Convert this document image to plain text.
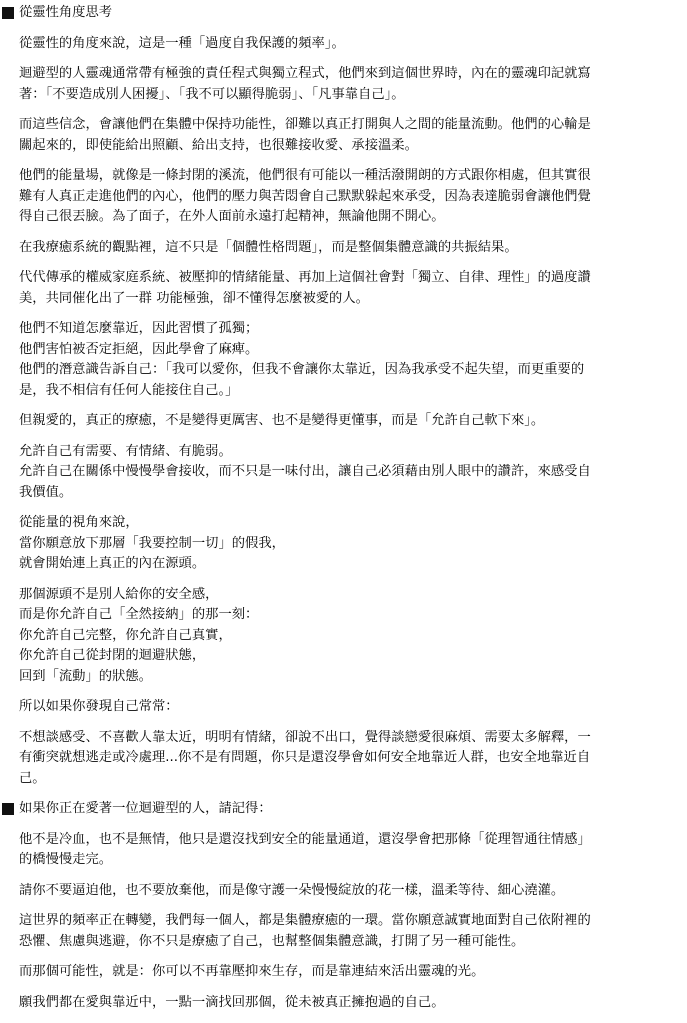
從靈性角度思考
從靈性的角度來說，這是一種「過度自我保護的頻率」。
迴避型的人靈魂通常帶有極強的責任程式與獨立程式，他們來到這個世界時，內在的靈魂印記就寫
著：「不要造成別人困擾」、「我不可以顯得脆弱」、「凡事靠自己」。
而這些信念，會讓他們在集體中保持功能性，卻難以真正打開與人之間的能量流動。他們的心輪是
關起來的，即使能給出照顧、給出支持，也很難接收愛、承接溫柔。
他們的能量場，就像是一條封閉的溪流，他們很有可能以一種活潑開朗的方式跟你相處，但其實很
難有人真正走進他們的內心，他們的壓力與苦悶會自己默默躲起來承受，因為表達脆弱會讓他們覺
得自己很丟臉。為了面子，在外人面前永遠打起精神，無論他開不開心。
在我療癒系統的觀點裡，這不只是「個體性格問題」，而是整個集體意識的共振結果。
代代傳承的權威家庭系統、被壓抑的情緒能量、再加上這個社會對「獨立、自律、理性」的過度讚
美，共同催化出了一群 功能極強，卻不懂得怎麼被愛的人。
他們不知道怎麼靠近，因此習慣了孤獨；
他們害怕被否定拒絕，因此學會了麻痺。
他們的潛意識告訴自己：「我可以愛你，但我不會讓你太靠近，因為我承受不起失望，而更重要的
是，我不相信有任何人能接住自己。」
但親愛的，真正的療癒，不是變得更厲害、也不是變得更懂事，而是「允許自己軟下來」。
允許自己有需要、有情緒、有脆弱。
允許自己在關係中慢慢學會接收，而不只是一味付出，讓自己必須藉由別人眼中的讚許，來感受自
我價值。
從能量的視角來說，
當你願意放下那層「我要控制一切」的假我，
就會開始連上真正的內在源頭。
那個源頭不是別人給你的安全感，
而是你允許自己「全然接納」的那一刻：
你允許自己完整，你允許自己真實，
你允許自己從封閉的迴避狀態，
回到「流動」的狀態。
所以如果你發現自己常常：
不想談感受、不喜歡人靠太近，明明有情緒，卻說不出口，覺得談戀愛很麻煩、需要太多解釋，一
有衝突就想逃走或冷處理...你不是有問題，你只是還沒學會如何安全地靠近人群，也安全地靠近自
己。
如果你正在愛著一位迴避型的人，請記得：
他不是冷血，也不是無情，他只是還沒找到安全的能量通道，還沒學會把那條「從理智通往情感」
的橋慢慢走完。
請你不要逼迫他，也不要放棄他，而是像守護一朵慢慢綻放的花一樣，溫柔等待、細心澆灌。
這世界的頻率正在轉變，我們每一個人，都是集體療癒的一環。當你願意誠實地面對自己依附裡的
恐懼、焦慮與逃避，你不只是療癒了自己，也幫整個集體意識，打開了另一種可能性。
而那個可能性，就是：你可以不再靠壓抑來生存，而是靠連結來活出靈魂的光。
願我們都在愛與靠近中，一點一滴找回那個，從未被真正擁抱過的自己。
